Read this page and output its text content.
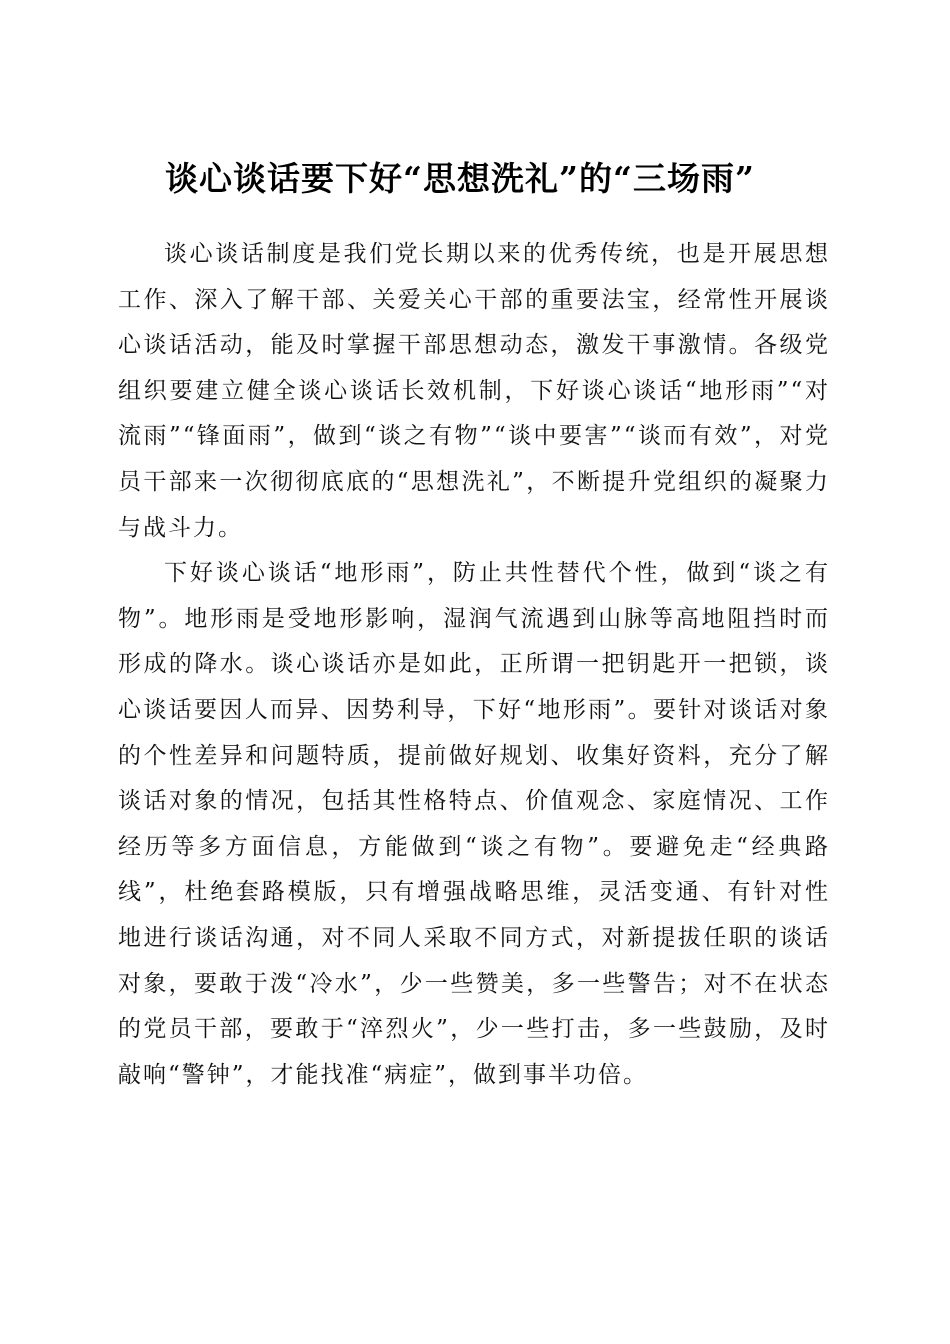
谈心谈话要下好“思想洗礼”的“三场雨”

谈心谈话制度是我们党长期以来的优秀传统，也是开展思想工作、深入了解干部、关爱关心干部的重要法宝，经常性开展谈心谈话活动，能及时掌握干部思想动态，激发干事激情。各级党组织要建立健全谈心谈话长效机制，下好谈心谈话“地形雨”“对流雨”“锋面雨”，做到“谈之有物”“谈中要害”“谈而有效”，对党员干部来一次彻彻底底的“思想洗礼”，不断提升党组织的凝聚力与战斗力。

下好谈心谈话“地形雨”，防止共性替代个性，做到“谈之有物”。地形雨是受地形影响，湿润气流遇到山脉等高地阻挡时而形成的降水。谈心谈话亦是如此，正所谓一把钥匙开一把锁，谈心谈话要因人而异、因势利导，下好“地形雨”。要针对谈话对象的个性差异和问题特质，提前做好规划、收集好资料，充分了解谈话对象的情况，包括其性格特点、价值观念、家庭情况、工作经历等多方面信息，方能做到“谈之有物”。要避免走“经典路线”，杜绝套路模版，只有增强战略思维，灵活变通、有针对性地进行谈话沟通，对不同人采取不同方式，对新提拔任职的谈话对象，要敢于泼“冷水”，少一些赞美，多一些警告；对不在状态的党员干部，要敢于“淬烈火”，少一些打击，多一些鼓励，及时敲响“警钟”，才能找准“病症”，做到事半功倍。
